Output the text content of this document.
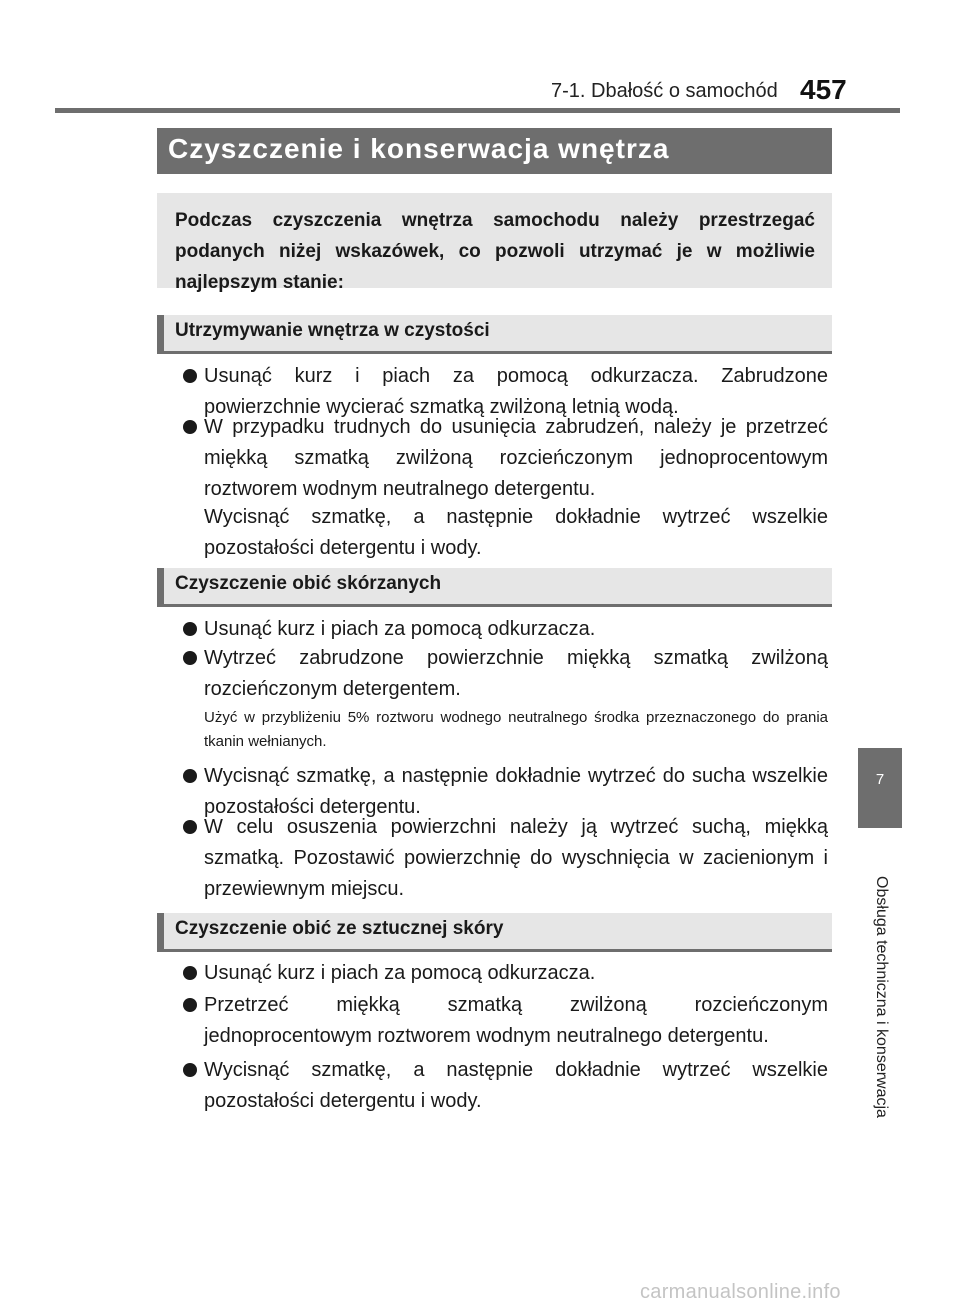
7-1. Dbałość o samochód 457
Czyszczenie i konserwacja wnętrza
Podczas czyszczenia wnętrza samochodu należy przestrzegać podanych niżej wskazówek, co pozwoli utrzymać je w możliwie najlepszym stanie:
Utrzymywanie wnętrza w czystości
Usunąć kurz i piach za pomocą odkurzacza. Zabrudzone powierzchnie wycierać szmatką zwilżoną letnią wodą.
W przypadku trudnych do usunięcia zabrudzeń, należy je przetrzeć miękką szmatką zwilżoną rozcieńczonym jednoprocentowym roztworem wodnym neutralnego detergentu.
Wycisnąć szmatkę, a następnie dokładnie wytrzeć wszelkie pozostałości detergentu i wody.
Czyszczenie obić skórzanych
Usunąć kurz i piach za pomocą odkurzacza.
Wytrzeć zabrudzone powierzchnie miękką szmatką zwilżoną rozcieńczonym detergentem.
Użyć w przybliżeniu 5% roztworu wodnego neutralnego środka przeznaczonego do prania tkanin wełnianych.
Wycisnąć szmatkę, a następnie dokładnie wytrzeć do sucha wszelkie pozostałości detergentu.
W celu osuszenia powierzchni należy ją wytrzeć suchą, miękką szmatką. Pozostawić powierzchnię do wyschnięcia w zacienionym i przewiewnym miejscu.
Czyszczenie obić ze sztucznej skóry
Usunąć kurz i piach za pomocą odkurzacza.
Przetrzeć miękką szmatką zwilżoną rozcieńczonym jednoprocentowym roztworem wodnym neutralnego detergentu.
Wycisnąć szmatkę, a następnie dokładnie wytrzeć wszelkie pozostałości detergentu i wody.
7
Obsługa techniczna i konserwacja
carmanualsonline.info
